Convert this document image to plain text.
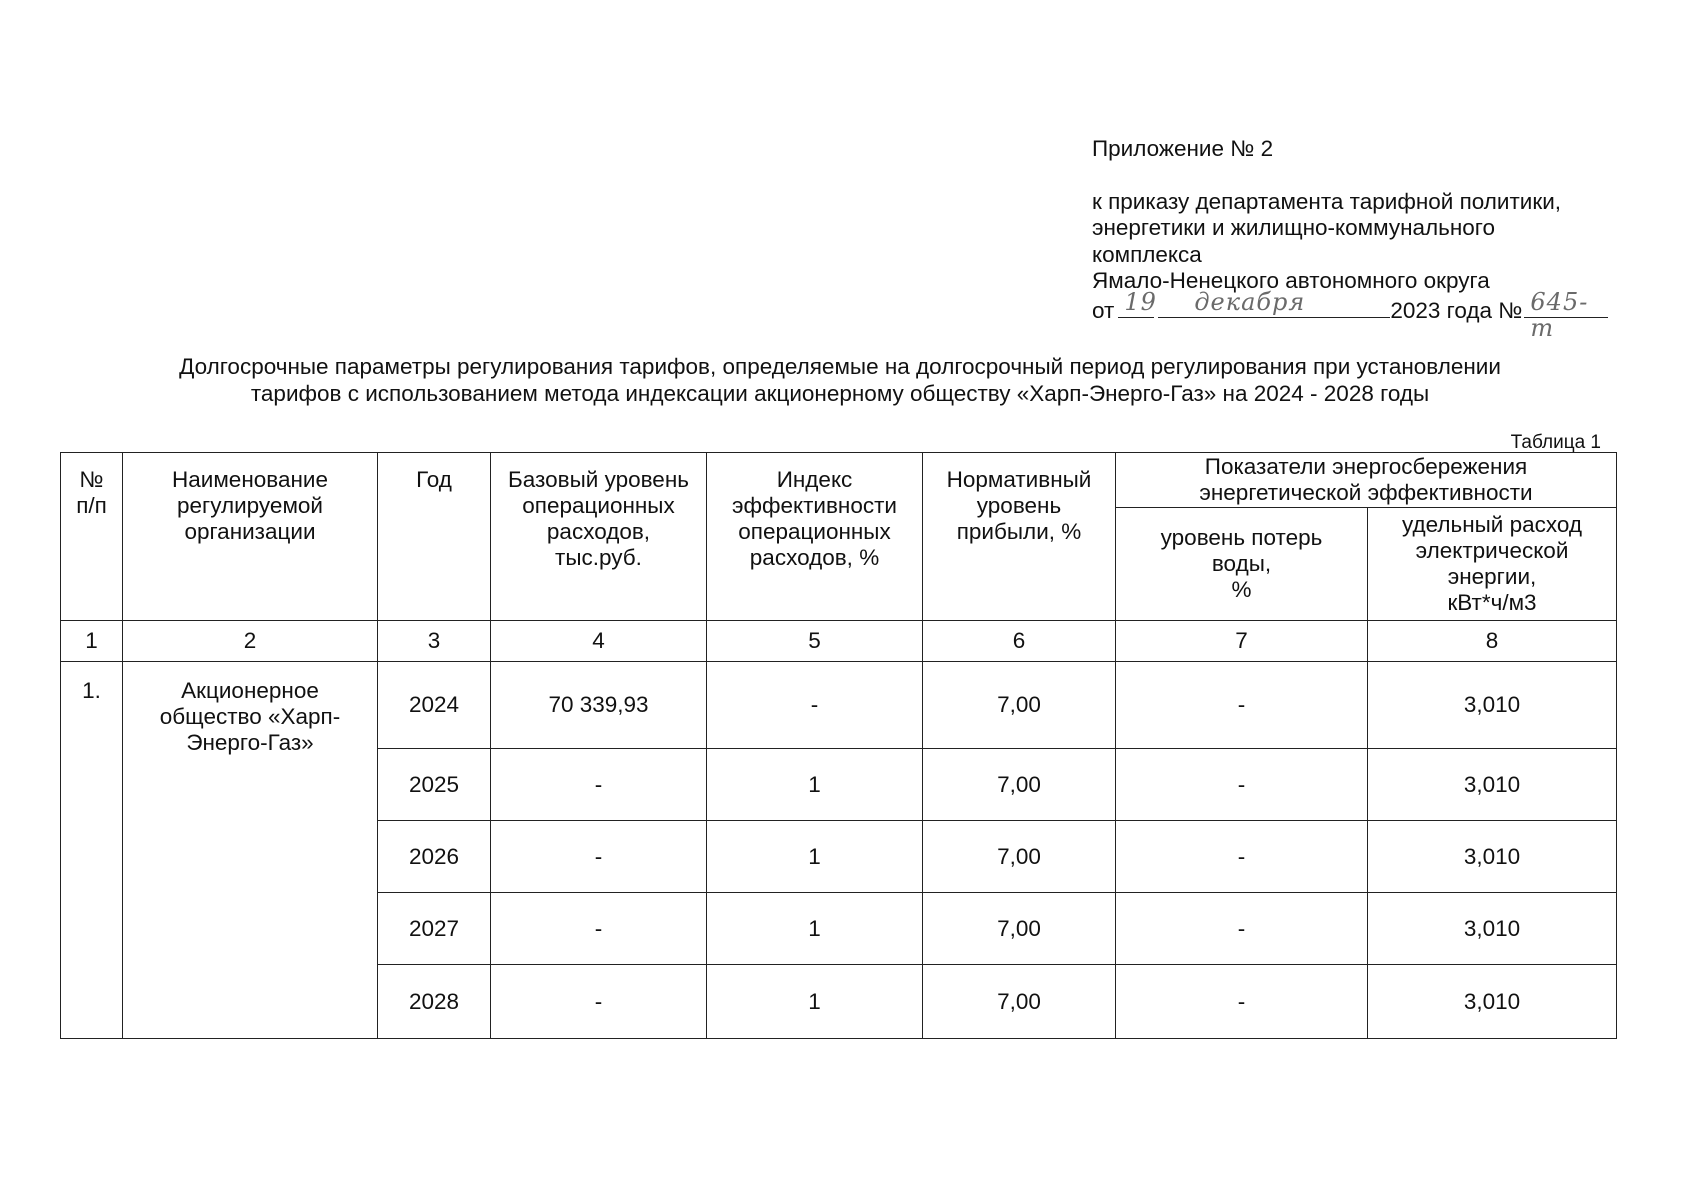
Приложение № 2
к приказу департамента тарифной политики,
энергетики и жилищно-коммунального
комплекса
Ямало-Ненецкого автономного округа
от 19 декабря	2023 года № 645-т
Долгосрочные параметры регулирования тарифов, определяемые на долгосрочный период регулирования при установлении
тарифов с использованием метода индексации акционерному обществу «Харп-Энерго-Газ» на 2024 - 2028 годы
Таблица 1
№
п/п	Наименование
регулируемой
организации	Год	Базовый уровень
операционных
расходов,
тыс.руб.	Индекс
эффективности
операционных
расходов, %	Нормативный
уровень
прибыли, %	Показатели энергосбережения
энергетической эффективности	
						уровень потерь
воды,
%	удельный расход
электрической
энергии,
кВт*ч/м3
1	2	3	4	5	6	7	8
1.	Акционерное
общество «Харп-
Энерго-Газ»	2024	70 339,93	-	7,00	-	3,010
		2025	-	1	7,00	-	3,010
		2026	-	1	7,00	-	3,010
		2027	-	1	7,00	-	3,010
		2028	-	1	7,00	-	3,010
